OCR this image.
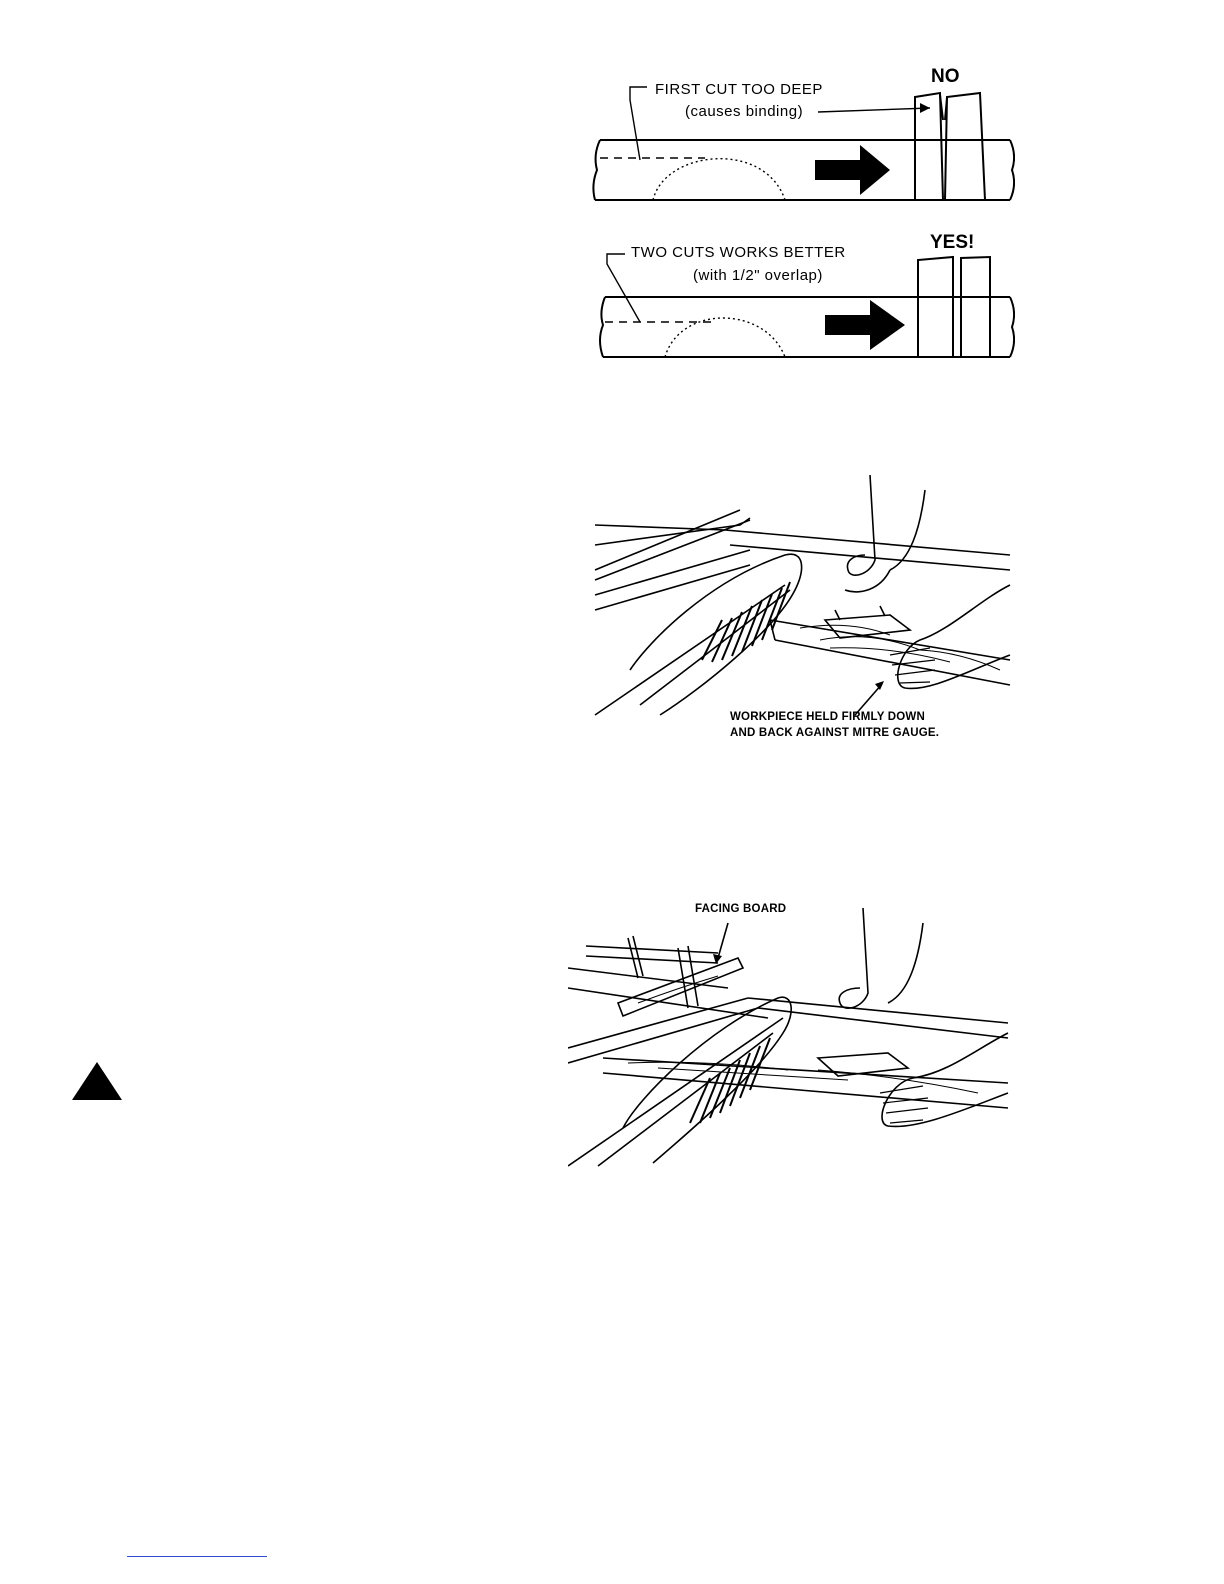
NO
FIRST CUT TOO DEEP
(causes binding)
YES!
TWO CUTS WORKS BETTER
(with 1/2" overlap)
WORKPIECE HELD FIRMLY DOWN
AND BACK AGAINST MITRE GAUGE.
FACING BOARD
